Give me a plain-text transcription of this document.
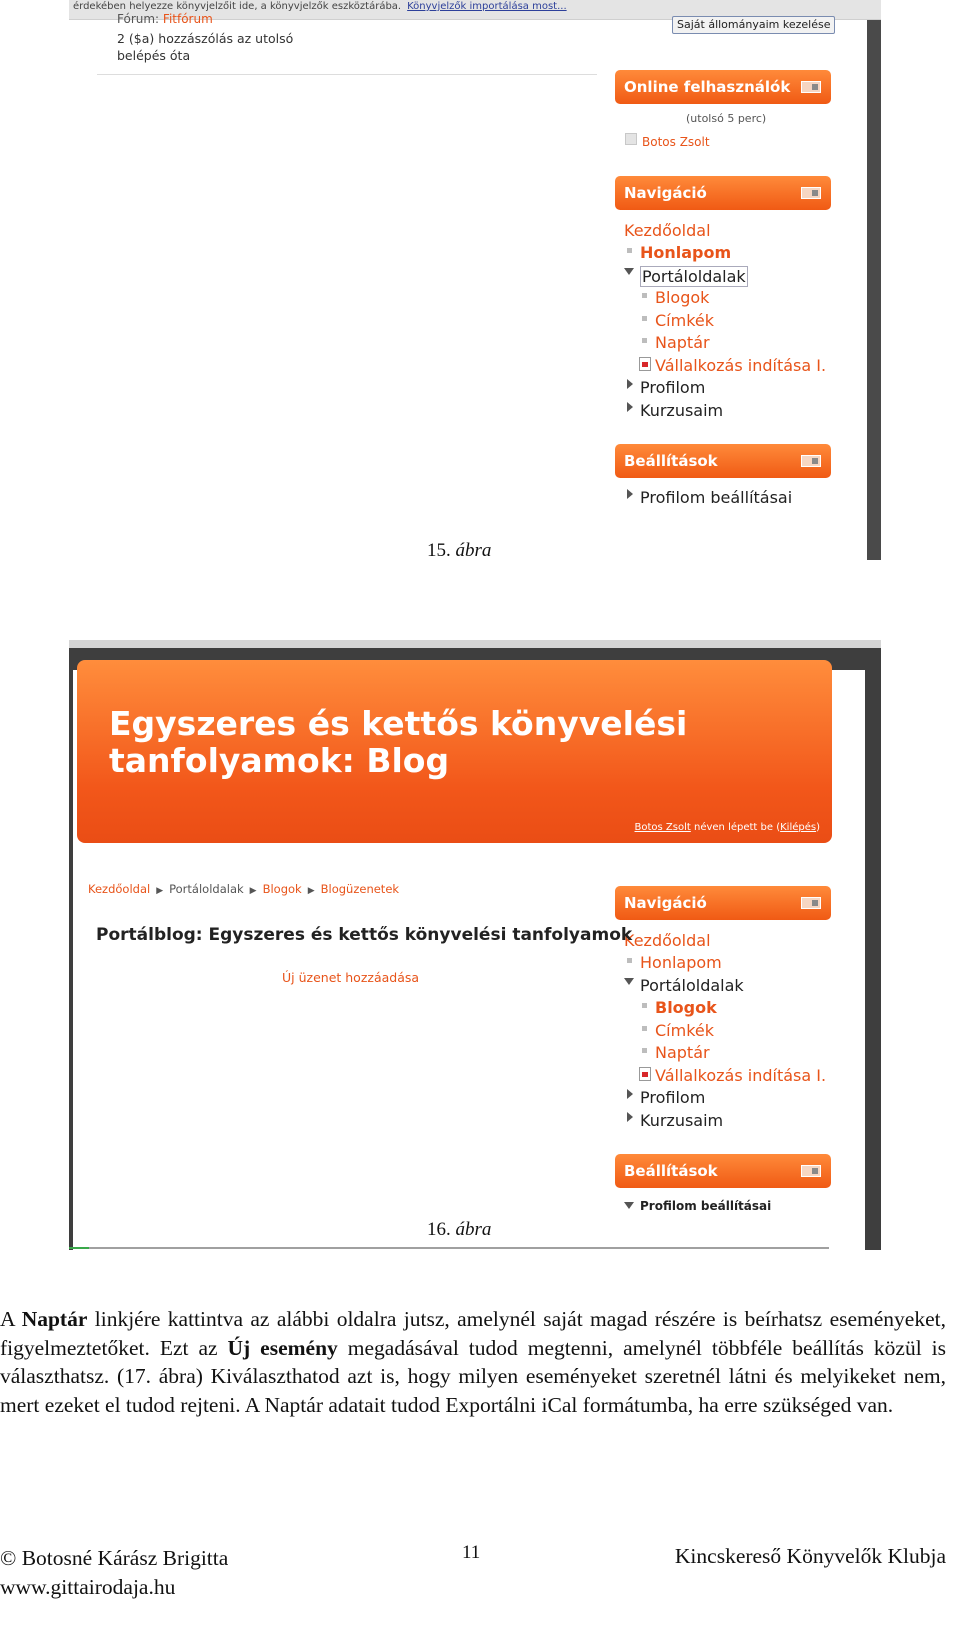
érdekében helyezze könyvjelzőit ide, a könyvjelzők eszköztárába. Könyvjelzők importálása most...
Saját állományaim kezelése
Fórum: Fitfórum
2 ($a) hozzászólás az utolsó belépés óta
Online felhasználók
(utolsó 5 perc)
Botos Zsolt
Navigáció
Kezdőoldal
Honlapom
Portáloldalak
Blogok
Címkék
Naptár
Vállalkozás indítása I.
Profilom
Kurzusaim
Beállítások
Profilom beállításai
15. ábra
Navigáció
Kezdőoldal
Honlapom
Portáloldalak
Blogok
Címkék
Naptár
Vállalkozás indítása I.
Profilom
Kurzusaim
Beállítások
Profilom beállításai
Egyszeres és kettős könyvelési tanfolyamok: Blog
Botos Zsolt néven lépett be (Kilépés)
Kezdőoldal ▶ Portáloldalak ▶ Blogok ▶ Blogüzenetek
Portálblog: Egyszeres és kettős könyvelési tanfolyamok
Új üzenet hozzáadása
16. ábra
A Naptár linkjére kattintva az alábbi oldalra jutsz, amelynél saját magad részére is beírhatsz eseményeket, figyelmeztetőket. Ezt az Új esemény megadásával tudod megtenni, amelynél többféle beállítás közül is választhatsz. (17. ábra) Kiválaszthatod azt is, hogy milyen eseményeket szeretnél látni és melyikeket nem, mert ezeket el tudod rejteni. A Naptár adatait tudod Exportálni iCal formátumba, ha erre szükséged van.
© Botosné Kárász Brigitta
www.gittairodaja.hu
11	Kincskereső Könyvelők Klubja
